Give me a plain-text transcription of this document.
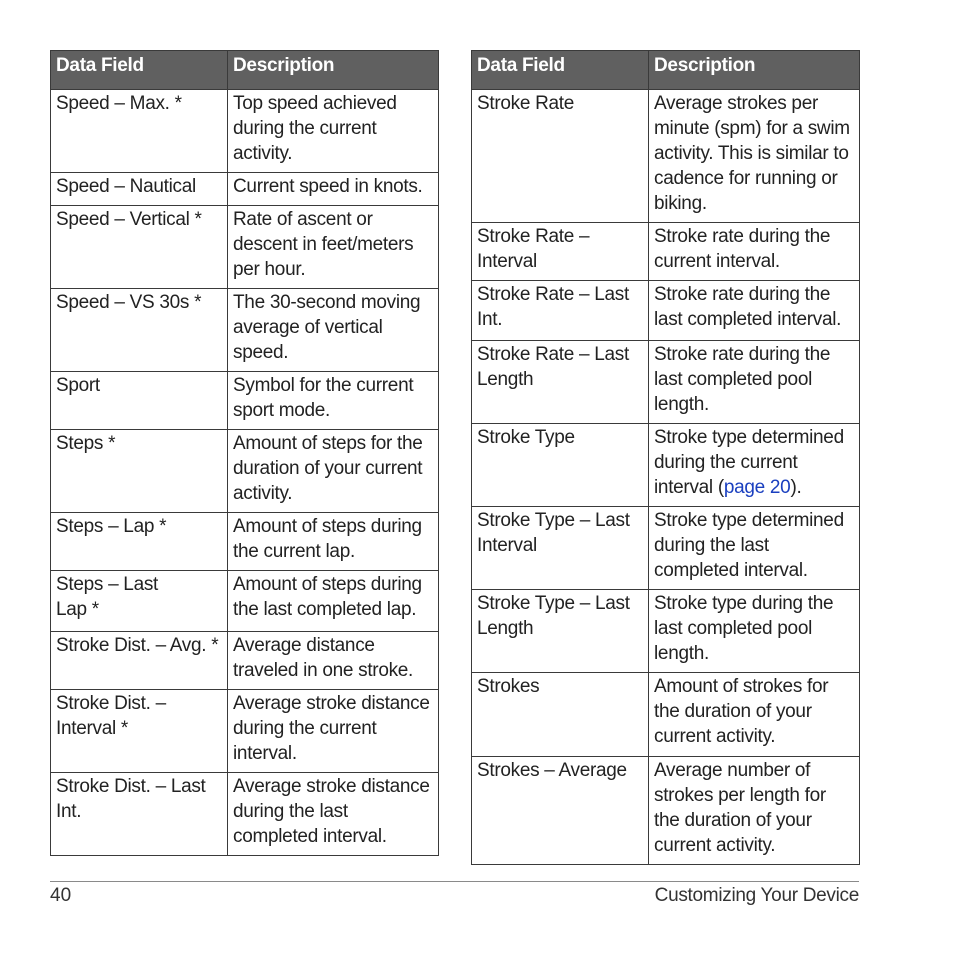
Data Field	Description
Speed – Max. *	Top speed achieved during the current activity.
Speed – Nautical	Current speed in knots.
Speed – Vertical *	Rate of ascent or descent in feet/meters per hour.
Speed – VS 30s *	The 30-second moving average of vertical speed.
Sport	Symbol for the current sport mode.
Steps *	Amount of steps for the duration of your current activity.
Steps – Lap *	Amount of steps during the current lap.
Steps – Last Lap *	Amount of steps during the last completed lap.
Stroke Dist. – Avg. *	Average distance traveled in one stroke.
Stroke Dist. – Interval *	Average stroke distance during the current interval.
Stroke Dist. – Last Int.	Average stroke distance during the last completed interval.
Data Field	Description
Stroke Rate	Average strokes per minute (spm) for a swim activity. This is similar to cadence for running or biking.
Stroke Rate – Interval	Stroke rate during the current interval.
Stroke Rate – Last Int.	Stroke rate during the last completed interval.
Stroke Rate – Last Length	Stroke rate during the last completed pool length.
Stroke Type	Stroke type determined during the current interval (page 20).
Stroke Type – Last Interval	Stroke type determined during the last completed interval.
Stroke Type – Last Length	Stroke type during the last completed pool length.
Strokes	Amount of strokes for the duration of your current activity.
Strokes – Average	Average number of strokes per length for the duration of your current activity.
40	Customizing Your Device
